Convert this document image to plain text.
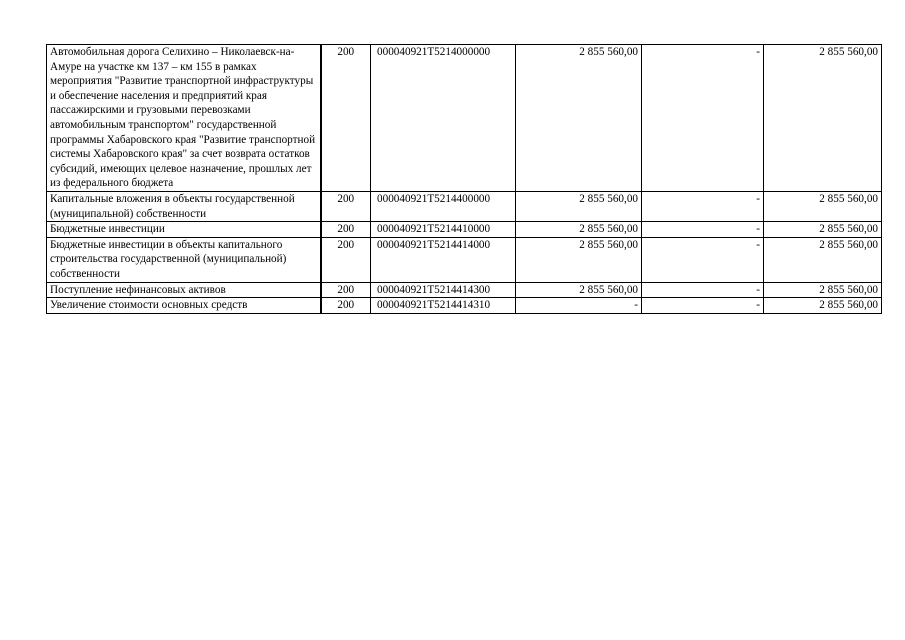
Автомобильная дорога Селихино – Николаевск-на-Амуре на участке км 137 – км 155 в рамках мероприятия "Развитие транспортной инфраструктуры и обеспечение населения и предприятий края пассажирскими и грузовыми перевозками автомобильным транспортом" государственной программы Хабаровского края "Развитие транспортной системы Хабаровского края" за счет возврата остатков субсидий, имеющих целевое назначение, прошлых лет из федерального бюджета	200	000040921Т5214000000	2 855 560,00	-	2 855 560,00
Капитальные вложения в объекты государственной (муниципальной) собственности	200	000040921Т5214400000	2 855 560,00	-	2 855 560,00
Бюджетные инвестиции	200	000040921Т5214410000	2 855 560,00	-	2 855 560,00
Бюджетные инвестиции в объекты капитального строительства государственной (муниципальной) собственности	200	000040921Т5214414000	2 855 560,00	-	2 855 560,00
Поступление нефинансовых активов	200	000040921Т5214414300	2 855 560,00	-	2 855 560,00
Увеличение стоимости основных средств	200	000040921Т5214414310	-	-	2 855 560,00
